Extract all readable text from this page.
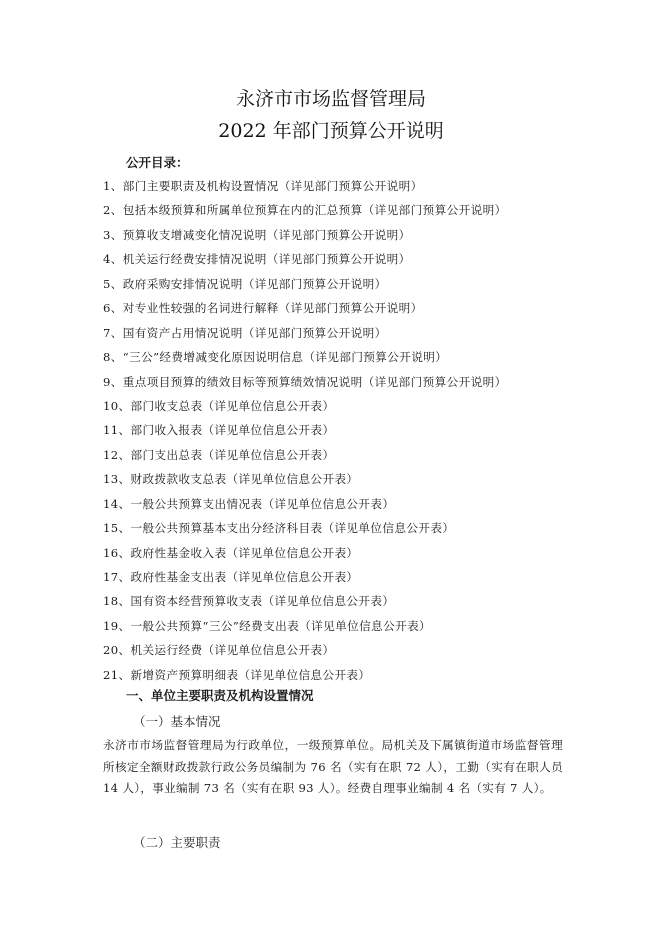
永济市市场监督管理局
2022 年部门预算公开说明
公开目录：
1、部门主要职责及机构设置情况（详见部门预算公开说明）
2、包括本级预算和所属单位预算在内的汇总预算（详见部门预算公开说明）
3、预算收支增减变化情况说明（详见部门预算公开说明）
4、机关运行经费安排情况说明（详见部门预算公开说明）
5、政府采购安排情况说明（详见部门预算公开说明）
6、对专业性较强的名词进行解释（详见部门预算公开说明）
7、国有资产占用情况说明（详见部门预算公开说明）
8、“三公”经费增减变化原因说明信息（详见部门预算公开说明）
9、重点项目预算的绩效目标等预算绩效情况说明（详见部门预算公开说明）
10、部门收支总表（详见单位信息公开表）
11、部门收入报表（详见单位信息公开表）
12、部门支出总表（详见单位信息公开表）
13、财政拨款收支总表（详见单位信息公开表）
14、一般公共预算支出情况表（详见单位信息公开表）
15、一般公共预算基本支出分经济科目表（详见单位信息公开表）
16、政府性基金收入表（详见单位信息公开表）
17、政府性基金支出表（详见单位信息公开表）
18、国有资本经营预算收支表（详见单位信息公开表）
19、一般公共预算“三公”经费支出表（详见单位信息公开表）
20、机关运行经费（详见单位信息公开表）
21、新增资产预算明细表（详见单位信息公开表）
一、单位主要职责及机构设置情况
（一）基本情况
永济市市场监督管理局为行政单位，一级预算单位。局机关及下属镇街道市场监督管理所核定全额财政拨款行政公务员编制为 76 名（实有在职 72 人），工勤（实有在职人员 14 人），事业编制 73 名（实有在职 93 人）。经费自理事业编制 4 名（实有 7 人）。
（二）主要职责
